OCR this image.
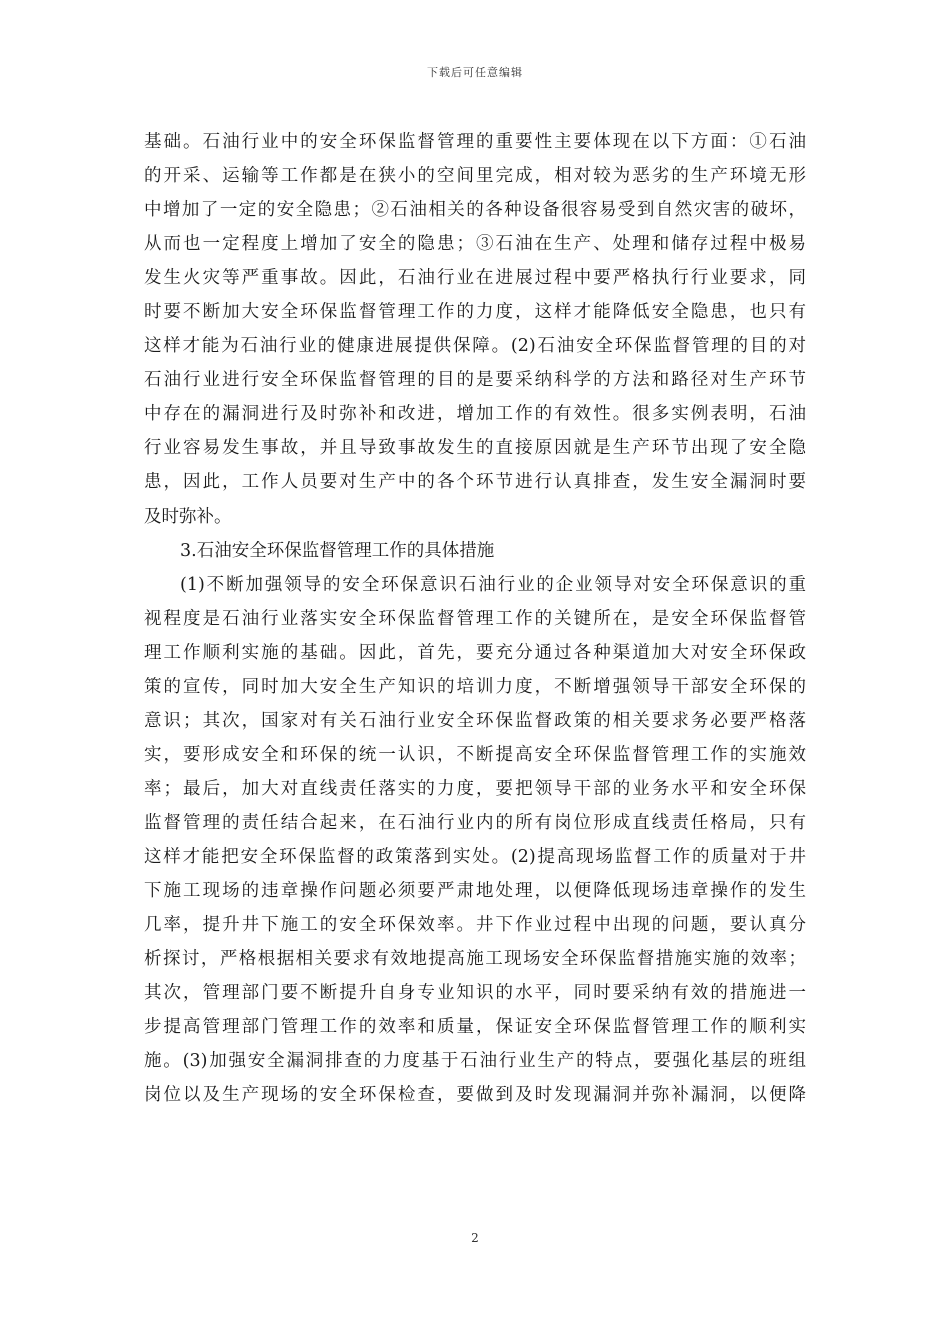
下载后可任意编辑
基础。石油行业中的安全环保监督管理的重要性主要体现在以下方面：①石油
的开采、运输等工作都是在狭小的空间里完成，相对较为恶劣的生产环境无形
中增加了一定的安全隐患；②石油相关的各种设备很容易受到自然灾害的破坏，
从而也一定程度上增加了安全的隐患；③石油在生产、处理和储存过程中极易
发生火灾等严重事故。因此，石油行业在进展过程中要严格执行行业要求，同
时要不断加大安全环保监督管理工作的力度，这样才能降低安全隐患，也只有
这样才能为石油行业的健康进展提供保障。(2)石油安全环保监督管理的目的对
石油行业进行安全环保监督管理的目的是要采纳科学的方法和路径对生产环节
中存在的漏洞进行及时弥补和改进，增加工作的有效性。很多实例表明，石油
行业容易发生事故，并且导致事故发生的直接原因就是生产环节出现了安全隐
患，因此，工作人员要对生产中的各个环节进行认真排查，发生安全漏洞时要
及时弥补。
3.石油安全环保监督管理工作的具体措施
(1)不断加强领导的安全环保意识石油行业的企业领导对安全环保意识的重
视程度是石油行业落实安全环保监督管理工作的关键所在，是安全环保监督管
理工作顺利实施的基础。因此，首先，要充分通过各种渠道加大对安全环保政
策的宣传，同时加大安全生产知识的培训力度，不断增强领导干部安全环保的
意识；其次，国家对有关石油行业安全环保监督政策的相关要求务必要严格落
实，要形成安全和环保的统一认识，不断提高安全环保监督管理工作的实施效
率；最后，加大对直线责任落实的力度，要把领导干部的业务水平和安全环保
监督管理的责任结合起来，在石油行业内的所有岗位形成直线责任格局，只有
这样才能把安全环保监督的政策落到实处。(2)提高现场监督工作的质量对于井
下施工现场的违章操作问题必须要严肃地处理，以便降低现场违章操作的发生
几率，提升井下施工的安全环保效率。井下作业过程中出现的问题，要认真分
析探讨，严格根据相关要求有效地提高施工现场安全环保监督措施实施的效率；
其次，管理部门要不断提升自身专业知识的水平，同时要采纳有效的措施进一
步提高管理部门管理工作的效率和质量，保证安全环保监督管理工作的顺利实
施。(3)加强安全漏洞排查的力度基于石油行业生产的特点，要强化基层的班组
岗位以及生产现场的安全环保检查，要做到及时发现漏洞并弥补漏洞，以便降
2
